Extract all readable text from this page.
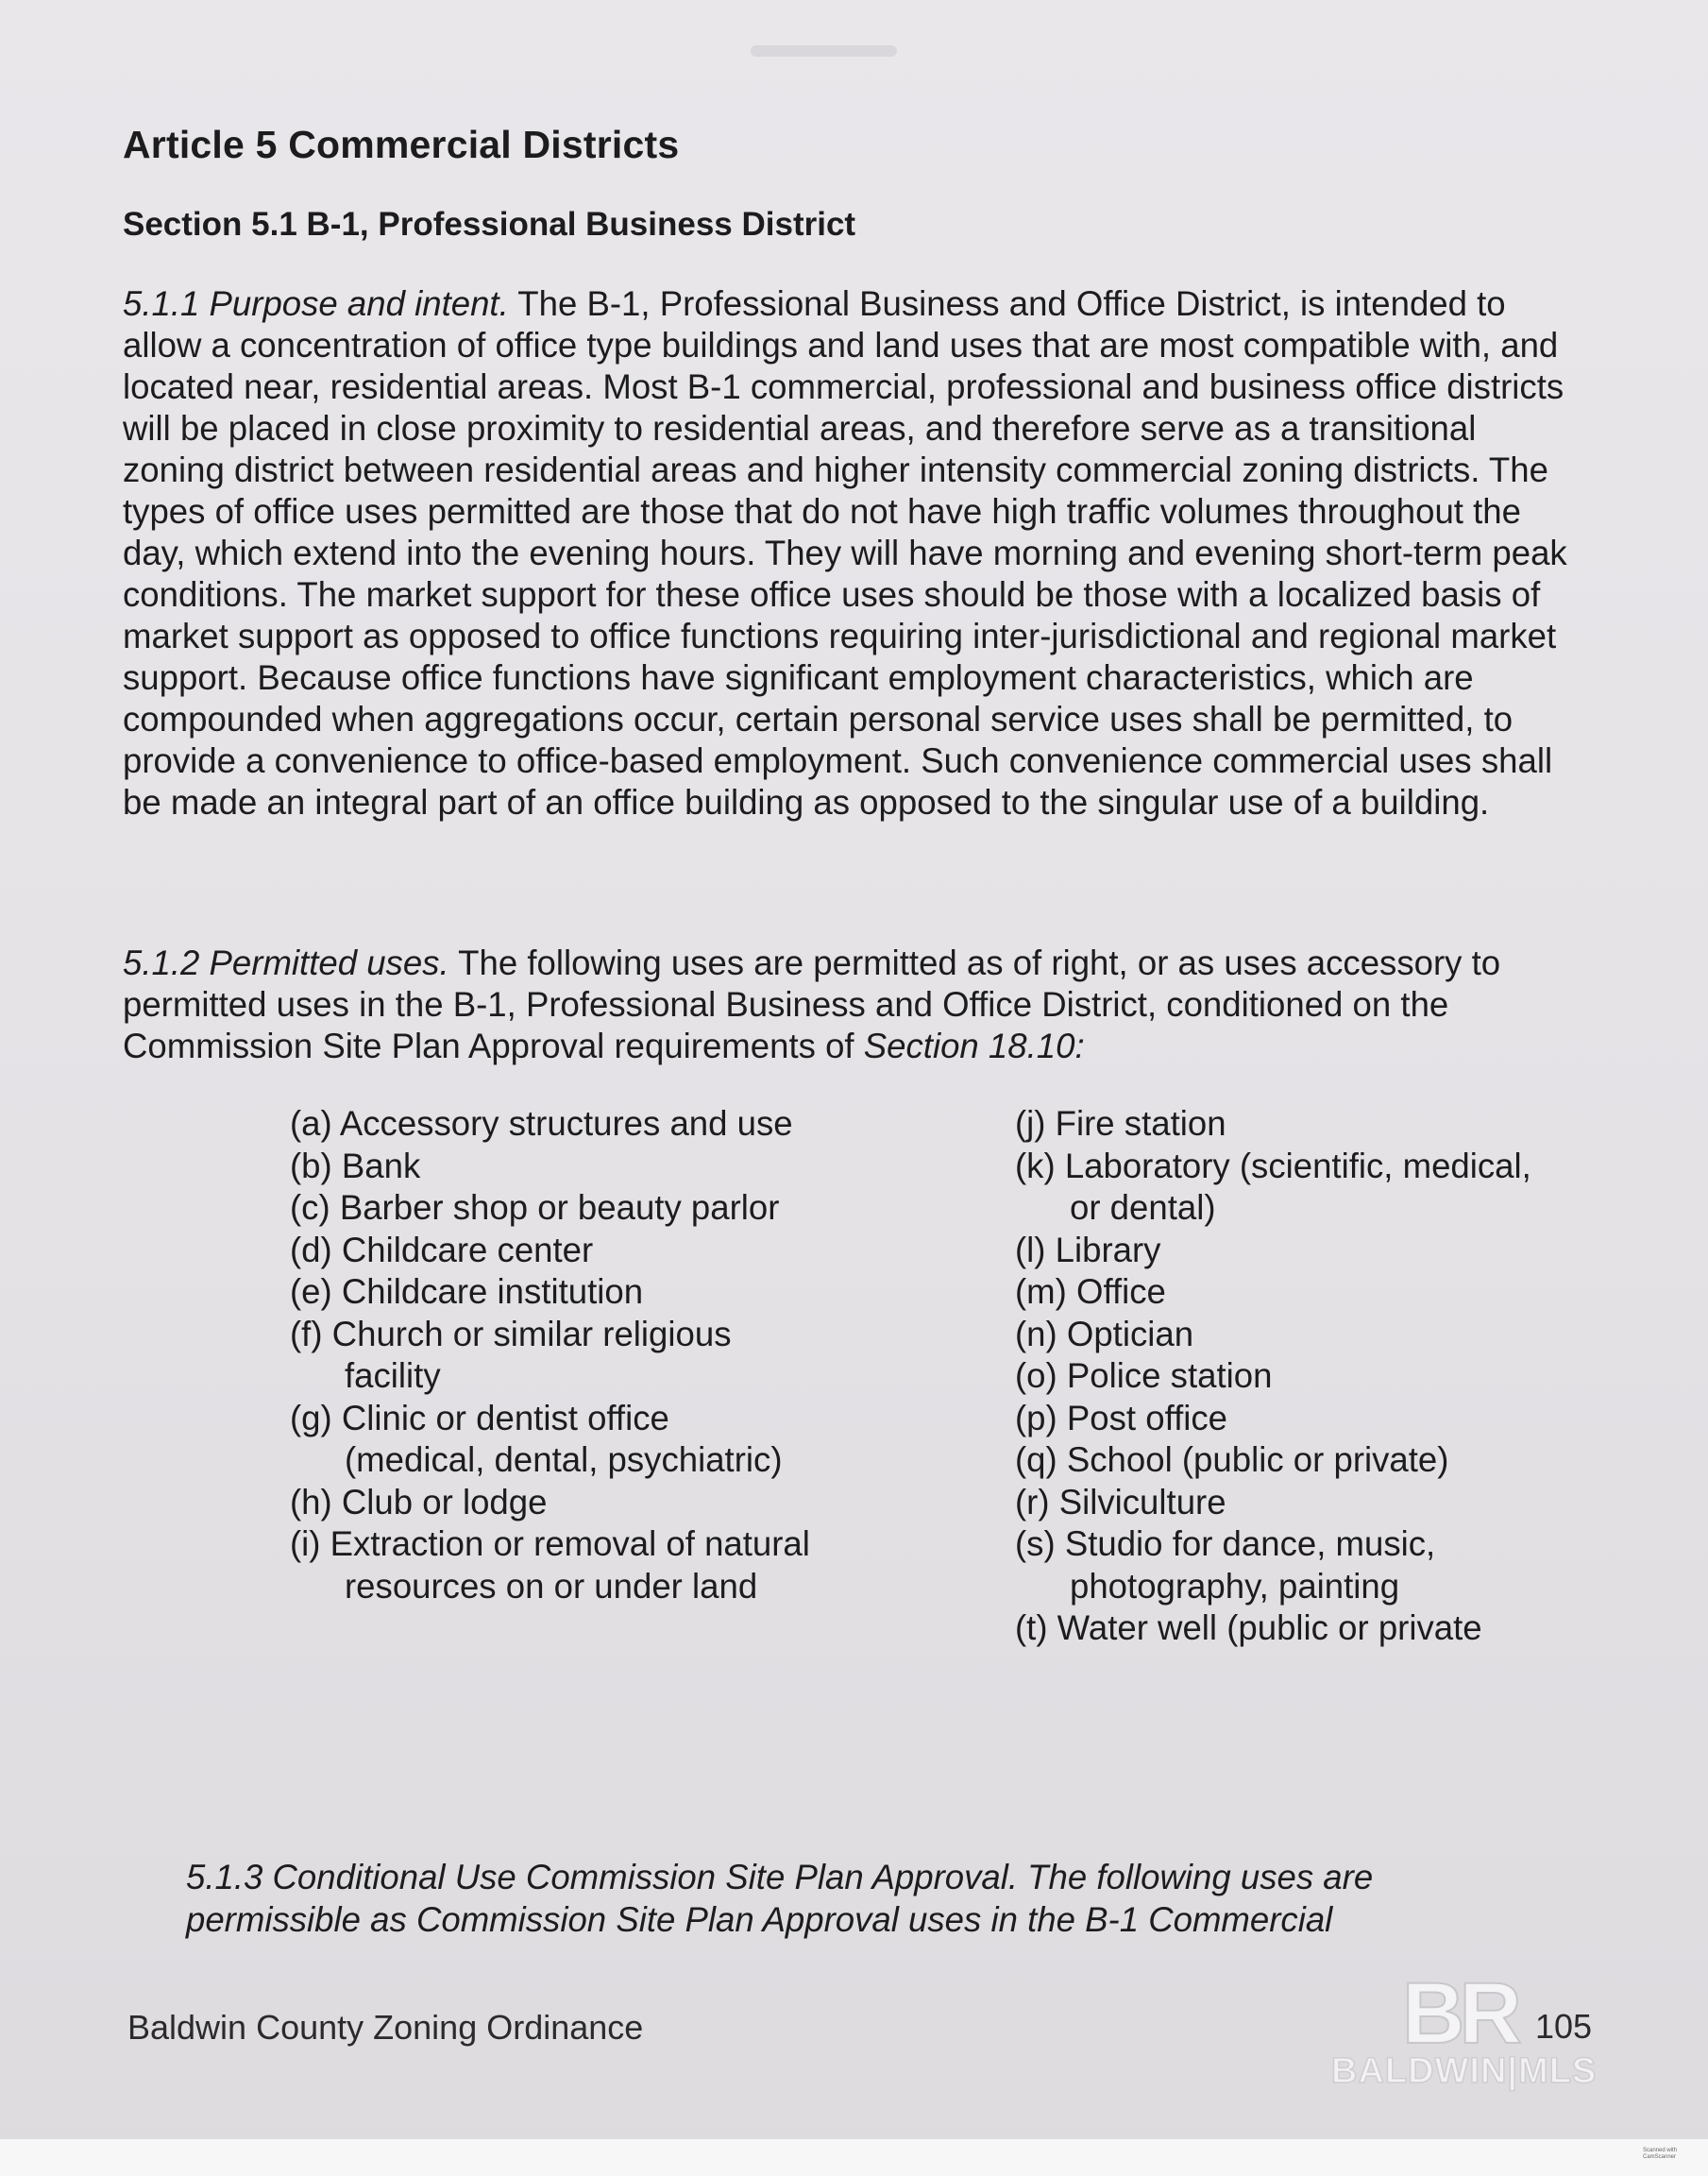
Article 5 Commercial Districts
Section 5.1 B-1, Professional Business District

5.1.1 Purpose and intent. The B-1, Professional Business and Office District, is intended to allow a concentration of office type buildings and land uses that are most compatible with, and located near, residential areas. Most B-1 commercial, professional and business office districts will be placed in close proximity to residential areas, and therefore serve as a transitional zoning district between residential areas and higher intensity commercial zoning districts. The types of office uses permitted are those that do not have high traffic volumes throughout the day, which extend into the evening hours. They will have morning and evening short-term peak conditions. The market support for these office uses should be those with a localized basis of market support as opposed to office functions requiring inter-jurisdictional and regional market support. Because office functions have significant employment characteristics, which are compounded when aggregations occur, certain personal service uses shall be permitted, to provide a convenience to office-based employment. Such convenience commercial uses shall be made an integral part of an office building as opposed to the singular use of a building.

5.1.2 Permitted uses. The following uses are permitted as of right, or as uses accessory to permitted uses in the B-1, Professional Business and Office District, conditioned on the Commission Site Plan Approval requirements of Section 18.10:

(a) Accessory structures and use
(b) Bank
(c) Barber shop or beauty parlor
(d) Childcare center
(e) Childcare institution
(f) Church or similar religious facility
(g) Clinic or dentist office (medical, dental, psychiatric)
(h) Club or lodge
(i) Extraction or removal of natural resources on or under land
(j) Fire station
(k) Laboratory (scientific, medical, or dental)
(l) Library
(m) Office
(n) Optician
(o) Police station
(p) Post office
(q) School (public or private)
(r) Silviculture
(s) Studio for dance, music, photography, painting
(t) Water well (public or private

5.1.3 Conditional Use Commission Site Plan Approval. The following uses are permissible as Commission Site Plan Approval uses in the B-1 Commercial

Baldwin County Zoning Ordinance	BR
BALDWIN|MLS
105
Scanned with
CamScanner
